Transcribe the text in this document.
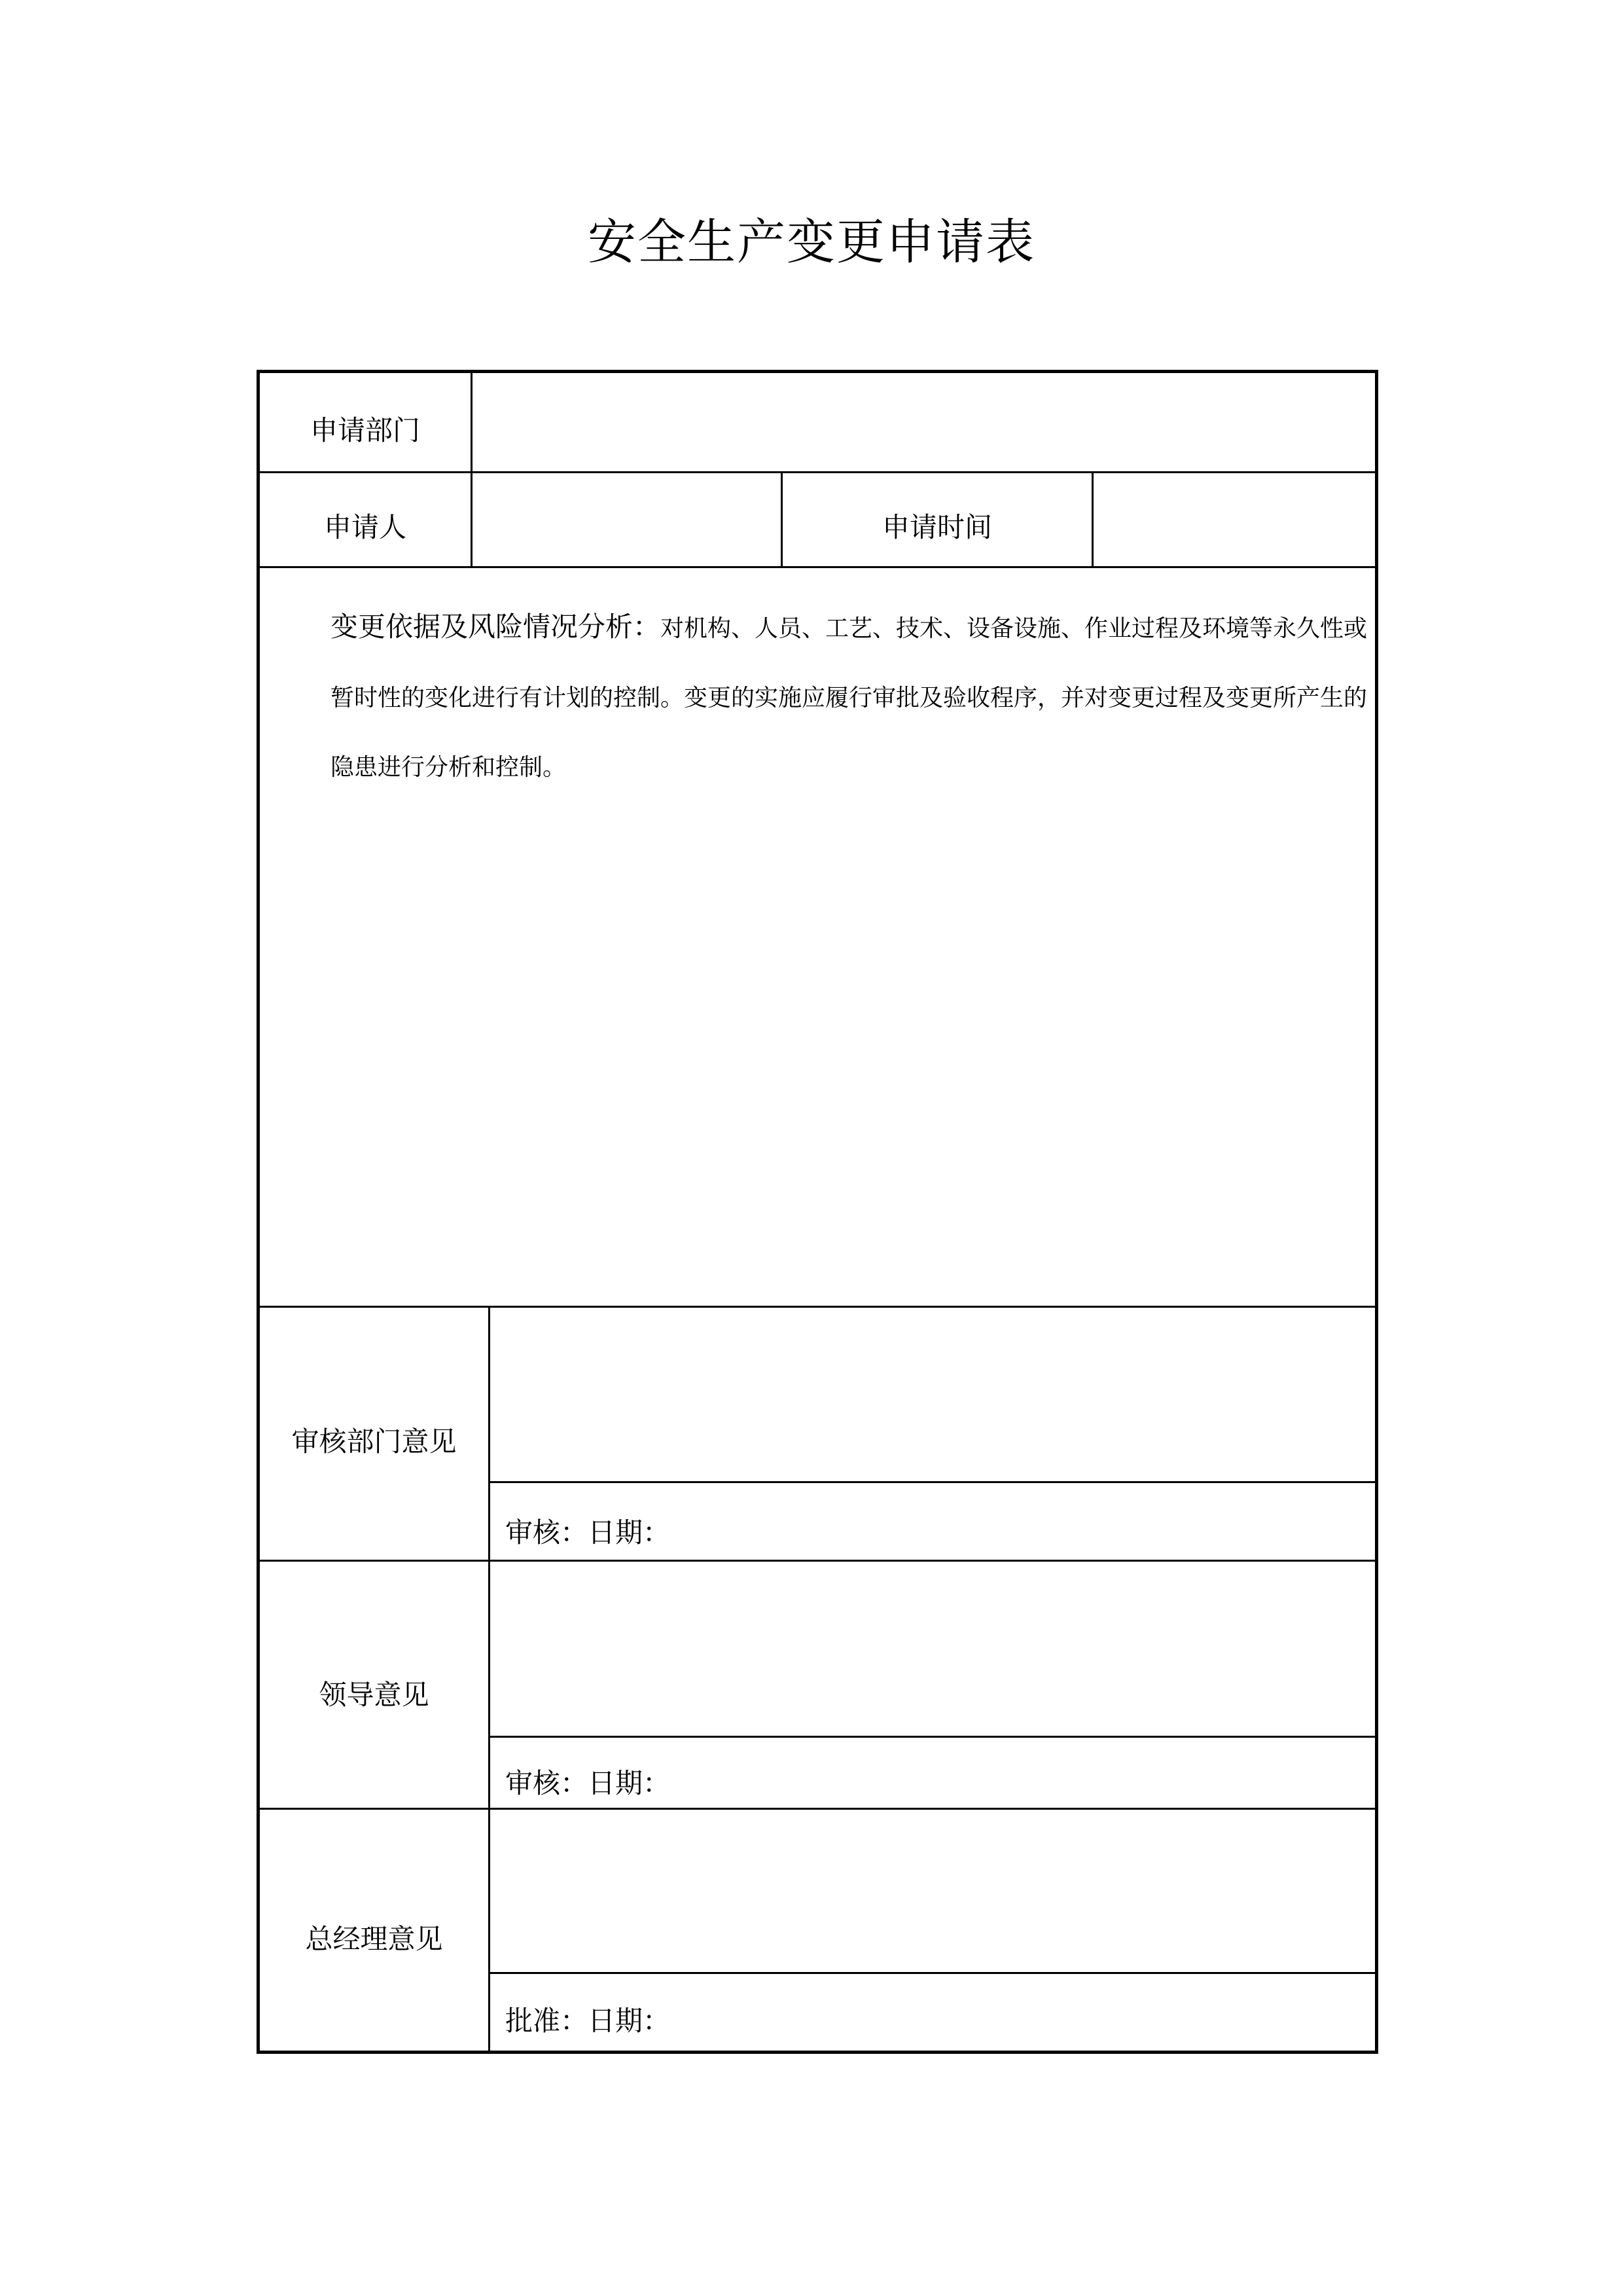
安全生产变更申请表
申请部门
申请人	申请时间
变更依据及风险情况分析：对机构、人员、工艺、技术、设备设施、作业过程及环境等永久性或暂时性的变化进行有计划的控制。变更的实施应履行审批及验收程序，并对变更过程及变更所产生的隐患进行分析和控制。
审核部门意见
审核：日期：
领导意见
审核：日期：
总经理意见
批准：日期：
